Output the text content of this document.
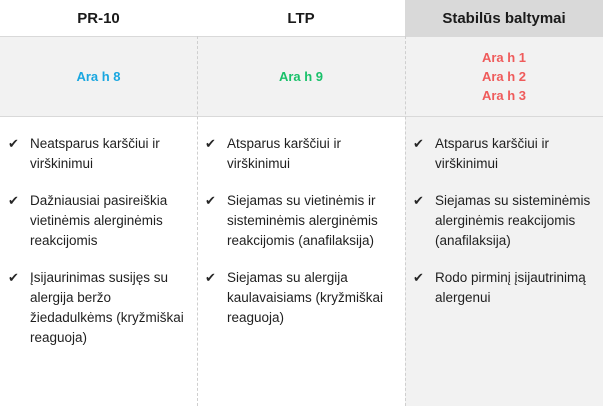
PR-10
Ara h 8
✔ Neatsparus karščiui ir virškinimui
✔ Dažniausiai pasireiškia vietinėmis alerginėmis reakcijomis
✔ Įsijaurinimas susijęs su alergija beržo žiedadulkėms (kryžmiškai reaguoja)
LTP
Ara h 9
✔ Atsparus karščiui ir virškinimui
✔ Siejamas su vietinėmis ir sisteminėmis alerginėmis reakcijomis (anafilaksija)
✔ Siejamas su alergija kaulavaisiams (kryžmiškai reaguoja)
Stabilūs baltymai
Ara h 1
Ara h 2
Ara h 3
✔ Atsparus karščiui ir virškinimui
✔ Siejamas su sisteminėmis alerginėmis reakcijomis (anafilaksija)
✔ Rodo pirminį įsijautrinimą alergenui
